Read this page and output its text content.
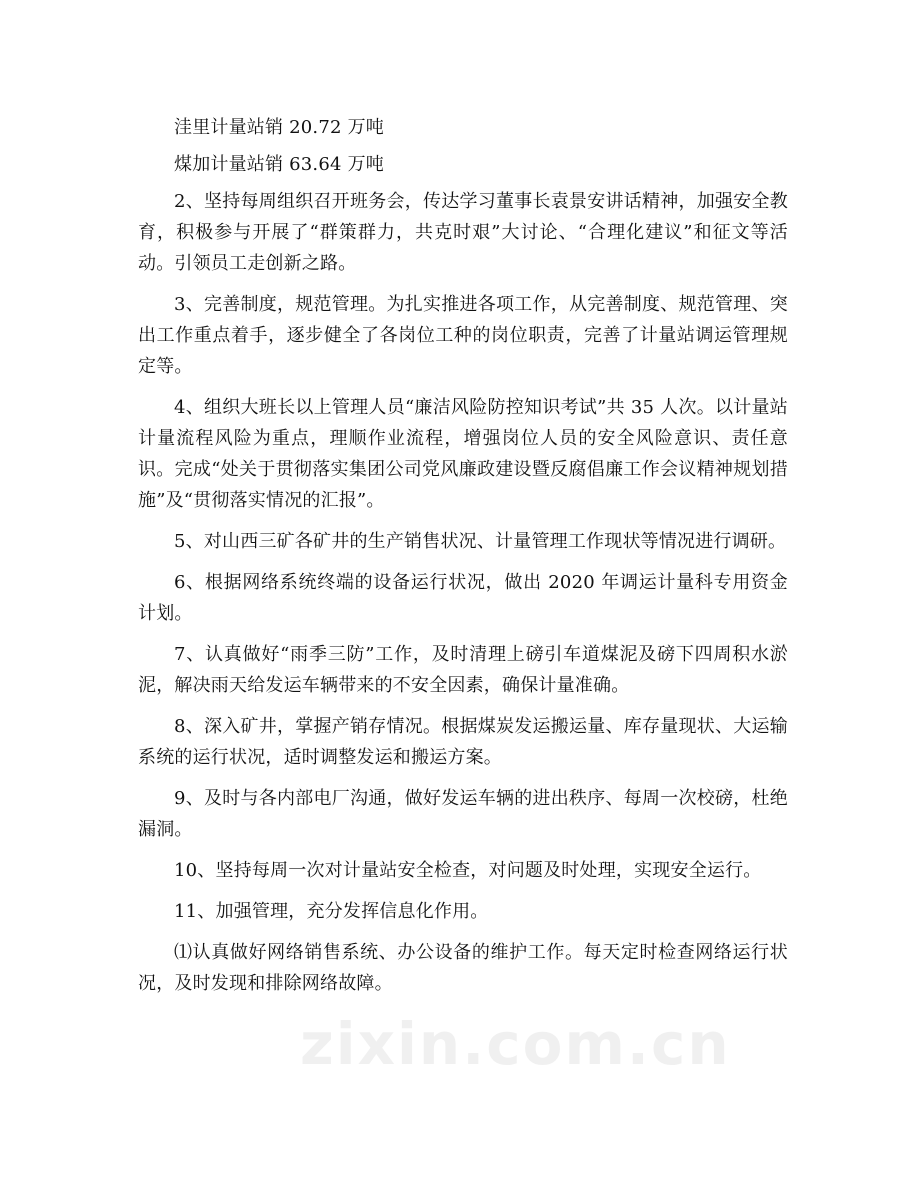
洼里计量站销 20.72 万吨

煤加计量站销 63.64 万吨

2、坚持每周组织召开班务会，传达学习董事长袁景安讲话精神，加强安全教育，积极参与开展了“群策群力，共克时艰”大讨论、“合理化建议”和征文等活动。引领员工走创新之路。

3、完善制度，规范管理。为扎实推进各项工作，从完善制度、规范管理、突出工作重点着手，逐步健全了各岗位工种的岗位职责，完善了计量站调运管理规定等。

4、组织大班长以上管理人员“廉洁风险防控知识考试”共 35 人次。以计量站计量流程风险为重点，理顺作业流程，增强岗位人员的安全风险意识、责任意识。完成“处关于贯彻落实集团公司党风廉政建设暨反腐倡廉工作会议精神规划措施”及“贯彻落实情况的汇报”。

5、对山西三矿各矿井的生产销售状况、计量管理工作现状等情况进行调研。

6、根据网络系统终端的设备运行状况，做出 2020 年调运计量科专用资金计划。

7、认真做好“雨季三防”工作，及时清理上磅引车道煤泥及磅下四周积水淤泥，解决雨天给发运车辆带来的不安全因素，确保计量准确。

8、深入矿井，掌握产销存情况。根据煤炭发运搬运量、库存量现状、大运输系统的运行状况，适时调整发运和搬运方案。

9、及时与各内部电厂沟通，做好发运车辆的进出秩序、每周一次校磅，杜绝漏洞。

10、坚持每周一次对计量站安全检查，对问题及时处理，实现安全运行。

11、加强管理，充分发挥信息化作用。

⑴认真做好网络销售系统、办公设备的维护工作。每天定时检查网络运行状况，及时发现和排除网络故障。

zixin.com.cn
